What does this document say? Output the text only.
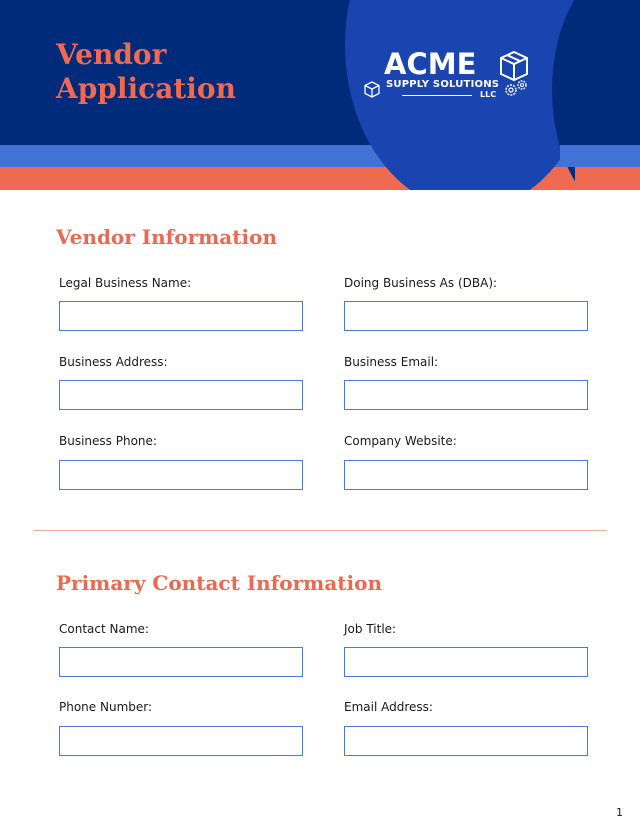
Vendor
Application
ACME
SUPPLY SOLUTIONS
LLC
Vendor Information
Legal Business Name:	Doing Business As (DBA):
Business Address:	Business Email:
Business Phone:	Company Website:
Primary Contact Information
Contact Name:	Job Title:
Phone Number:	Email Address:
1
